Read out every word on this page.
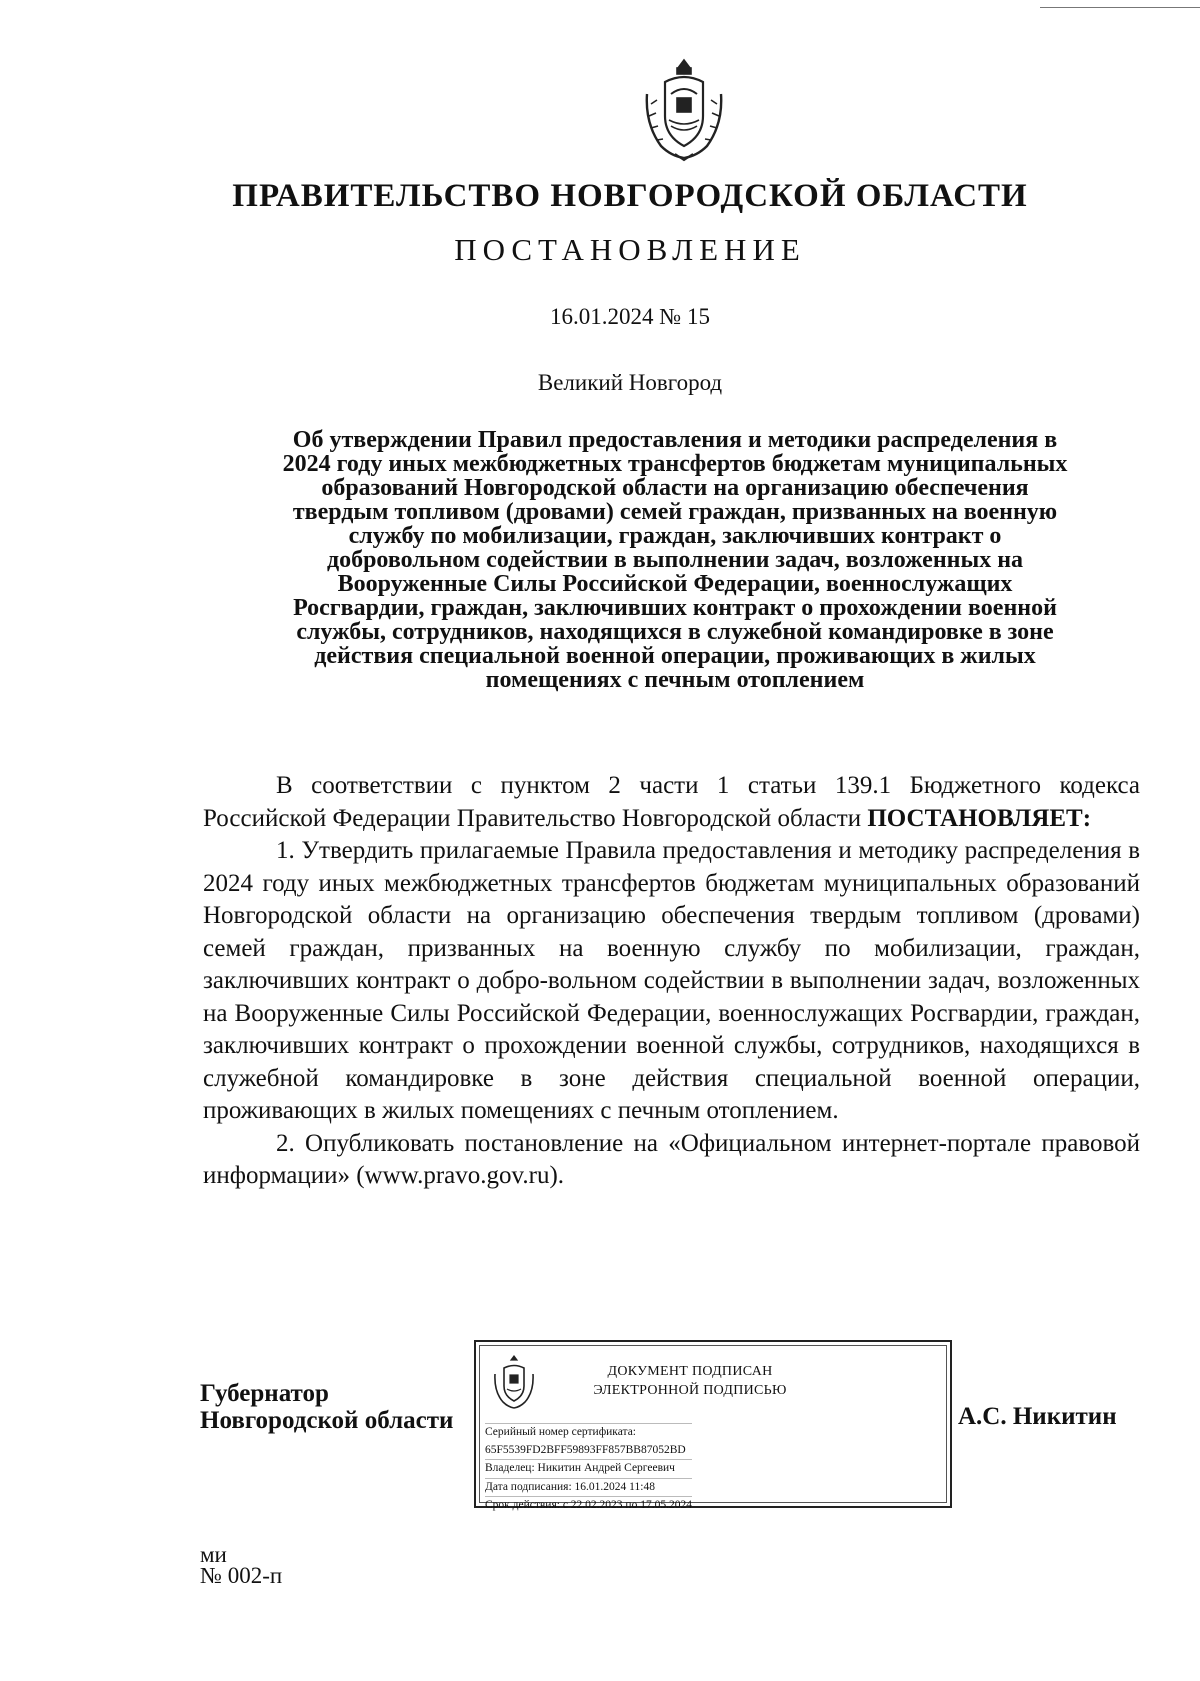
ПРАВИТЕЛЬСТВО НОВГОРОДСКОЙ ОБЛАСТИ
ПОСТАНОВЛЕНИЕ
16.01.2024 № 15
Великий Новгород
Об утверждении Правил предоставления и методики распределения в
2024 году иных межбюджетных трансфертов бюджетам муниципальных
образований Новгородской области на организацию обеспечения
твердым топливом (дровами) семей граждан, призванных на военную
службу по мобилизации, граждан, заключивших контракт о
добровольном содействии в выполнении задач, возложенных на
Вооруженные Силы Российской Федерации, военнослужащих
Росгвардии, граждан, заключивших контракт о прохождении военной
службы, сотрудников, находящихся в служебной командировке в зоне
действия специальной военной операции, проживающих в жилых
помещениях с печным отоплением

В соответствии с пунктом 2 части 1 статьи 139.1 Бюджетного кодекса Российской Федерации Правительство Новгородской области ПОСТАНОВЛЯЕТ:

1. Утвердить прилагаемые Правила предоставления и методику распределения в 2024 году иных межбюджетных трансфертов бюджетам муниципальных образований Новгородской области на организацию обеспечения твердым топливом (дровами) семей граждан, призванных на военную службу по мобилизации, граждан, заключивших контракт о добро-вольном содействии в выполнении задач, возложенных на Вооруженные Силы Российской Федерации, военнослужащих Росгвардии, граждан, заключивших контракт о прохождении военной службы, сотрудников, находящихся в служебной командировке в зоне действия специальной военной операции, проживающих в жилых помещениях с печным отоплением.

2. Опубликовать постановление на «Официальном интернет-портале правовой информации» (www.pravo.gov.ru).

Губернатор
Новгородской области
ДОКУМЕНТ ПОДПИСАН
ЭЛЕКТРОННОЙ ПОДПИСЬЮ
Серийный номер сертификата:
65F5539FD2BFF59893FF857BB87052BD
Владелец: Никитин Андрей Сергеевич
Дата подписания: 16.01.2024 11:48
Срок действия: с 22.02.2023 по 17.05.2024
А.С. Никитин
ми
№ 002-п
